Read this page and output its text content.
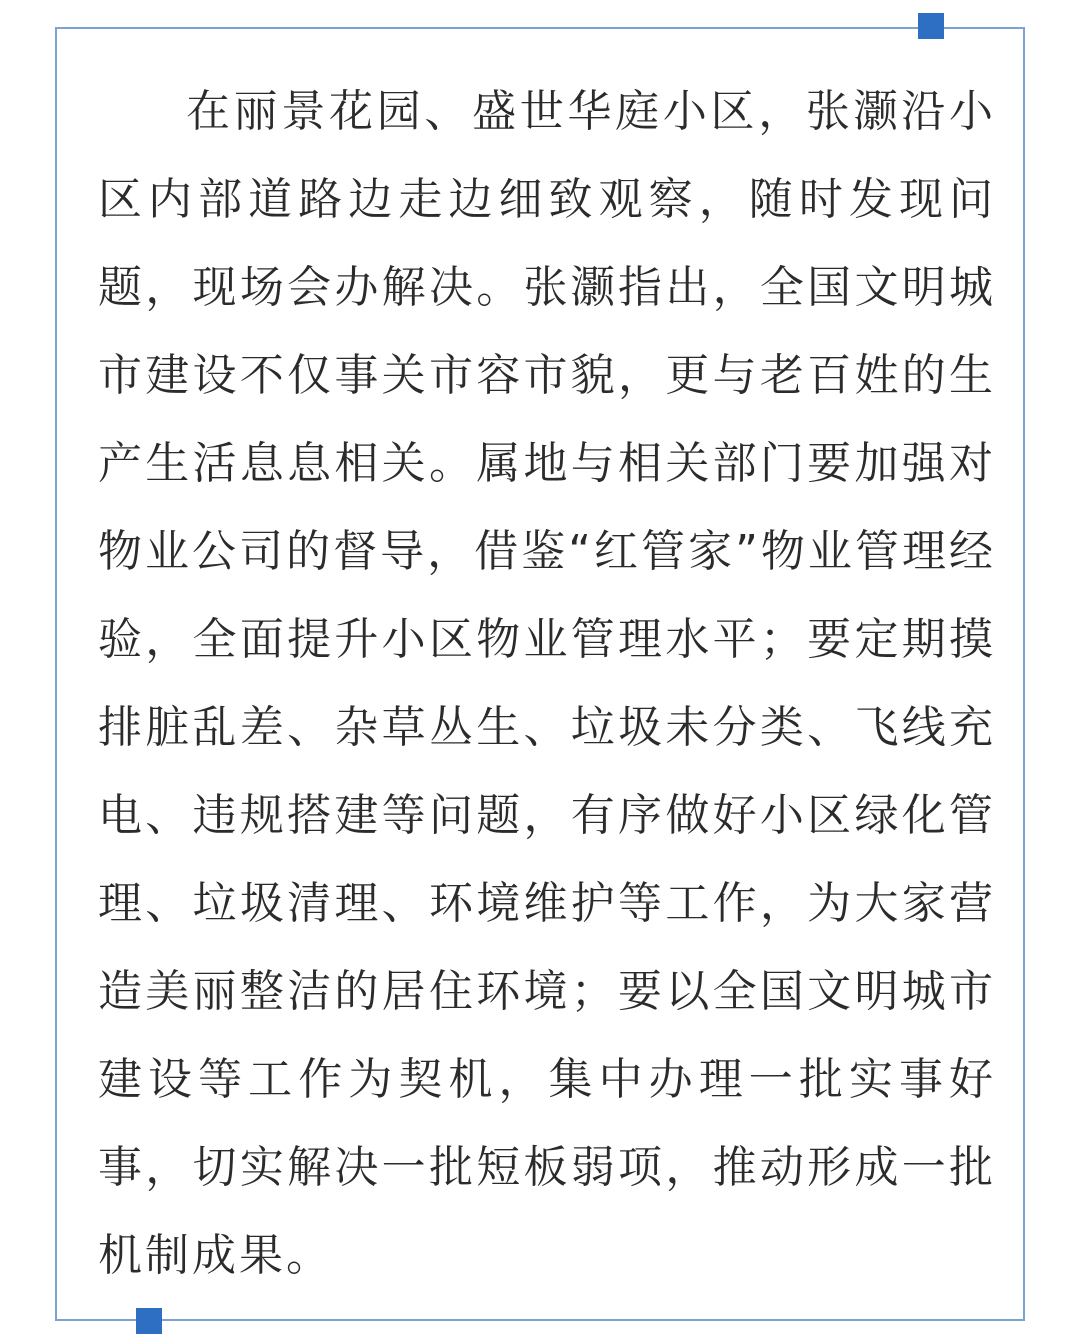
在丽景花园、盛世华庭小区，张灏沿小区内部道路边走边细致观察，随时发现问题，现场会办解决。张灏指出，全国文明城市建设不仅事关市容市貌，更与老百姓的生产生活息息相关。属地与相关部门要加强对物业公司的督导，借鉴“红管家”物业管理经验，全面提升小区物业管理水平；要定期摸排脏乱差、杂草丛生、垃圾未分类、飞线充电、违规搭建等问题，有序做好小区绿化管理、垃圾清理、环境维护等工作，为大家营造美丽整洁的居住环境；要以全国文明城市建设等工作为契机，集中办理一批实事好事，切实解决一批短板弱项，推动形成一批机制成果。
